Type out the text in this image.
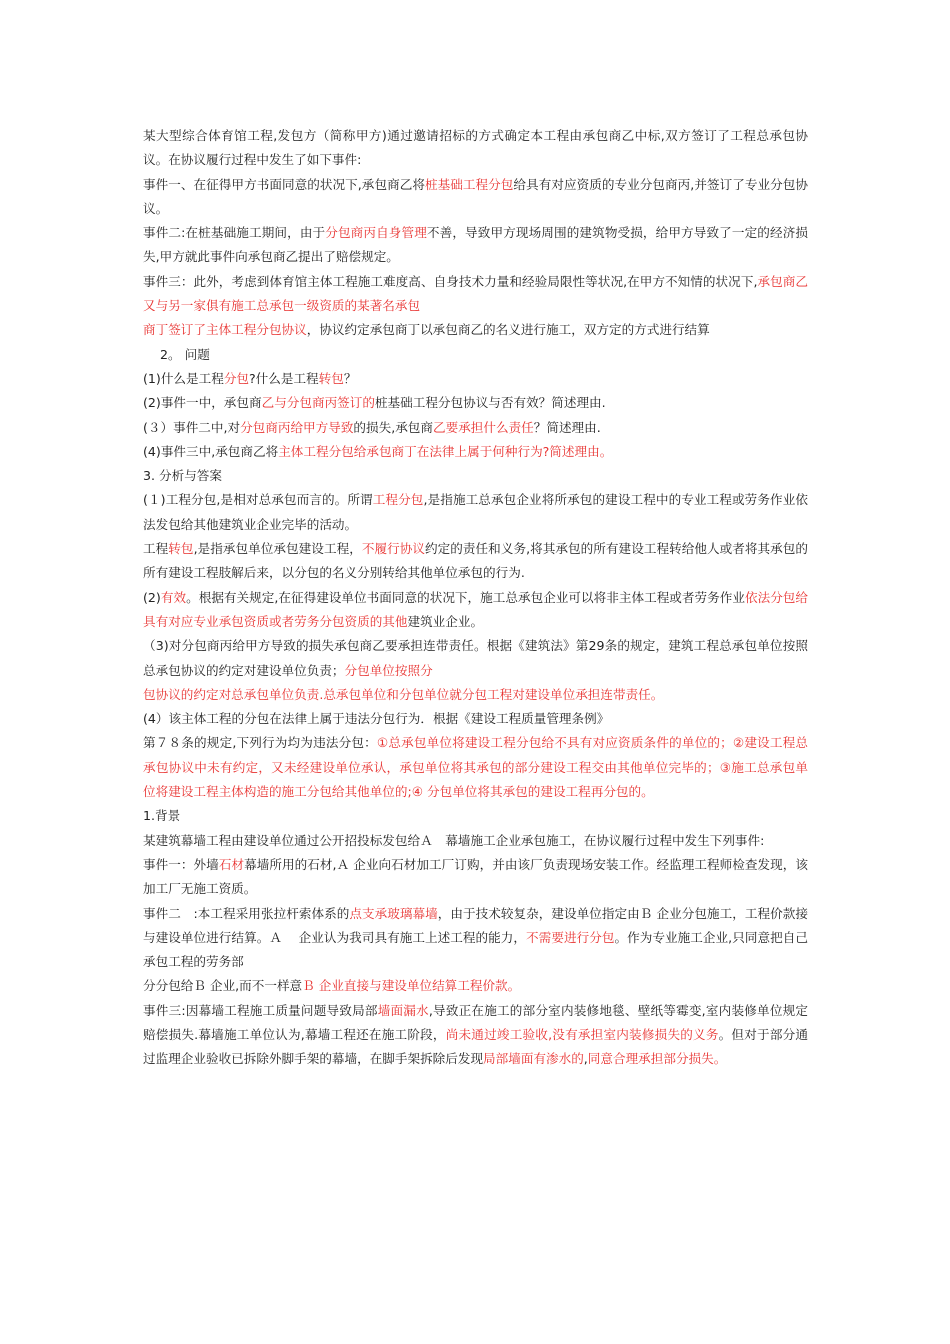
某大型综合体育馆工程,发包方（简称甲方)通过邀请招标的方式确定本工程由承包商乙中标,双方签订了工程总承包协议。在协议履行过程中发生了如下事件:

事件一、在征得甲方书面同意的状况下,承包商乙将桩基础工程分包给具有对应资质的专业分包商丙,并签订了专业分包协议。

事件二:在桩基础施工期间，由于分包商丙自身管理不善，导致甲方现场周围的建筑物受损，给甲方导致了一定的经济损失,甲方就此事件向承包商乙提出了赔偿规定。

事件三：此外，考虑到体育馆主体工程施工难度高、自身技术力量和经验局限性等状况,在甲方不知情的状况下,承包商乙又与另一家俱有施工总承包一级资质的某著名承包

商丁签订了主体工程分包协议，协议约定承包商丁以承包商乙的名义进行施工，双方定的方式进行结算

2。 问题

(1)什么是工程分包?什么是工程转包？

(2)事件一中，承包商乙与分包商丙签订的桩基础工程分包协议与否有效？简述理由.

(３）事件二中,对分包商丙给甲方导致的损失,承包商乙要承担什么责任？简述理由.

(4)事件三中,承包商乙将主体工程分包给承包商丁在法律上属于何种行为?简述理由。

3. 分析与答案

(１)工程分包,是相对总承包而言的。所谓工程分包,是指施工总承包企业将所承包的建设工程中的专业工程或劳务作业依法发包给其他建筑业企业完毕的活动。

工程转包,是指承包单位承包建设工程，不履行协议约定的责任和义务,将其承包的所有建设工程转给他人或者将其承包的所有建设工程肢解后来，以分包的名义分别转给其他单位承包的行为.

(2)有效。根据有关规定,在征得建设单位书面同意的状况下，施工总承包企业可以将非主体工程或者劳务作业依法分包给具有对应专业承包资质或者劳务分包资质的其他建筑业企业。

（3)对分包商丙给甲方导致的损失承包商乙要承担连带责任。根据《建筑法》第29条的规定，建筑工程总承包单位按照总承包协议的约定对建设单位负责；分包单位按照分

包协议的约定对总承包单位负责.总承包单位和分包单位就分包工程对建设单位承担连带责任。

(4）该主体工程的分包在法律上属于违法分包行为．根据《建设工程质量管理条例》

第７８条的规定,下列行为均为违法分包：①总承包单位将建设工程分包给不具有对应资质条件的单位的；②建设工程总承包协议中未有约定，又未经建设单位承认，承包单位将其承包的部分建设工程交由其他单位完毕的；③施工总承包单位将建设工程主体构造的施工分包给其他单位的;④ 分包单位将其承包的建设工程再分包的。

1.背景

某建筑幕墙工程由建设单位通过公开招投标发包给Ａ　幕墙施工企业承包施工，在协议履行过程中发生下列事件:

事件一：外墙石材幕墙所用的石材,Ａ 企业向石材加工厂订购，并由该厂负责现场安装工作。经监理工程师检查发现，该加工厂无施工资质。

事件二　:本工程采用张拉杆索体系的点支承玻璃幕墙，由于技术较复杂，建设单位指定由Ｂ 企业分包施工，工程价款接与建设单位进行结算。Ａ　 企业认为我司具有施工上述工程的能力，不需要进行分包。作为专业施工企业,只同意把自己承包工程的劳务部

分分包给Ｂ 企业,而不一样意Ｂ 企业直接与建设单位结算工程价款。

事件三:因幕墙工程施工质量问题导致局部墙面漏水,导致正在施工的部分室内装修地毯、壁纸等霉变,室内装修单位规定赔偿损失.幕墙施工单位认为,幕墙工程还在施工阶段，尚未通过竣工验收,没有承担室内装修损失的义务。但对于部分通过监理企业验收已拆除外脚手架的幕墙，在脚手架拆除后发现局部墙面有渗水的,同意合理承担部分损失。
